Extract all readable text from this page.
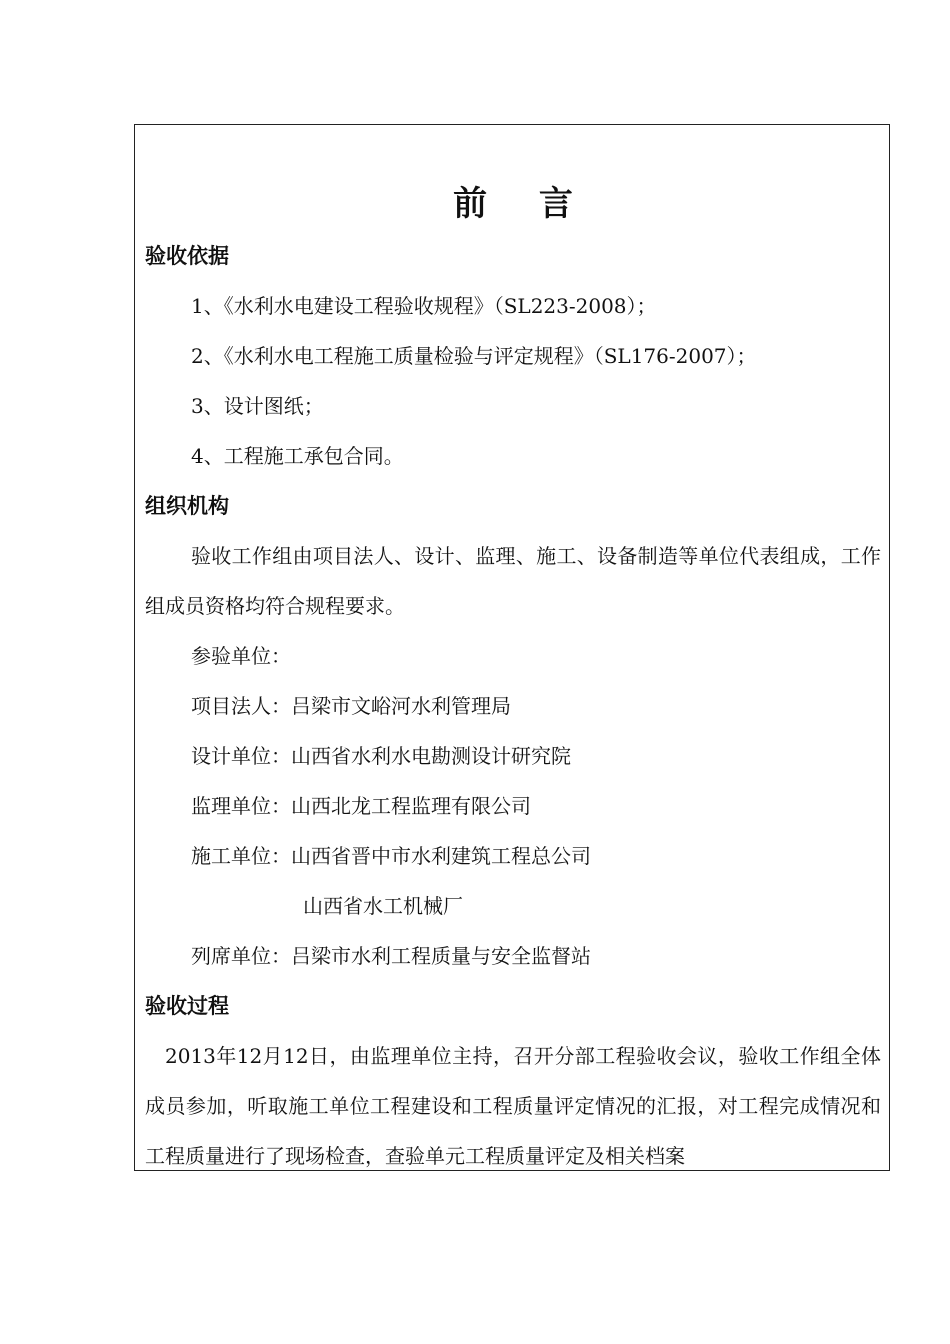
前 言
验收依据
1、《水利水电建设工程验收规程》（SL223-2008）；
2、《水利水电工程施工质量检验与评定规程》（SL176-2007）；
3、设计图纸；
4、工程施工承包合同。
组织机构

验收工作组由项目法人、设计、监理、施工、设备制造等单位代表组成，工作组成员资格均符合规程要求。

参验单位：
项目法人：吕梁市文峪河水利管理局
设计单位：山西省水利水电勘测设计研究院
监理单位：山西北龙工程监理有限公司
施工单位：山西省晋中市水利建筑工程总公司
山西省水工机械厂
列席单位：吕梁市水利工程质量与安全监督站
验收过程

2013年12月12日，由监理单位主持，召开分部工程验收会议，验收工作组全体成员参加，听取施工单位工程建设和工程质量评定情况的汇报，对工程完成情况和工程质量进行了现场检查，查验单元工程质量评定及相关档案
